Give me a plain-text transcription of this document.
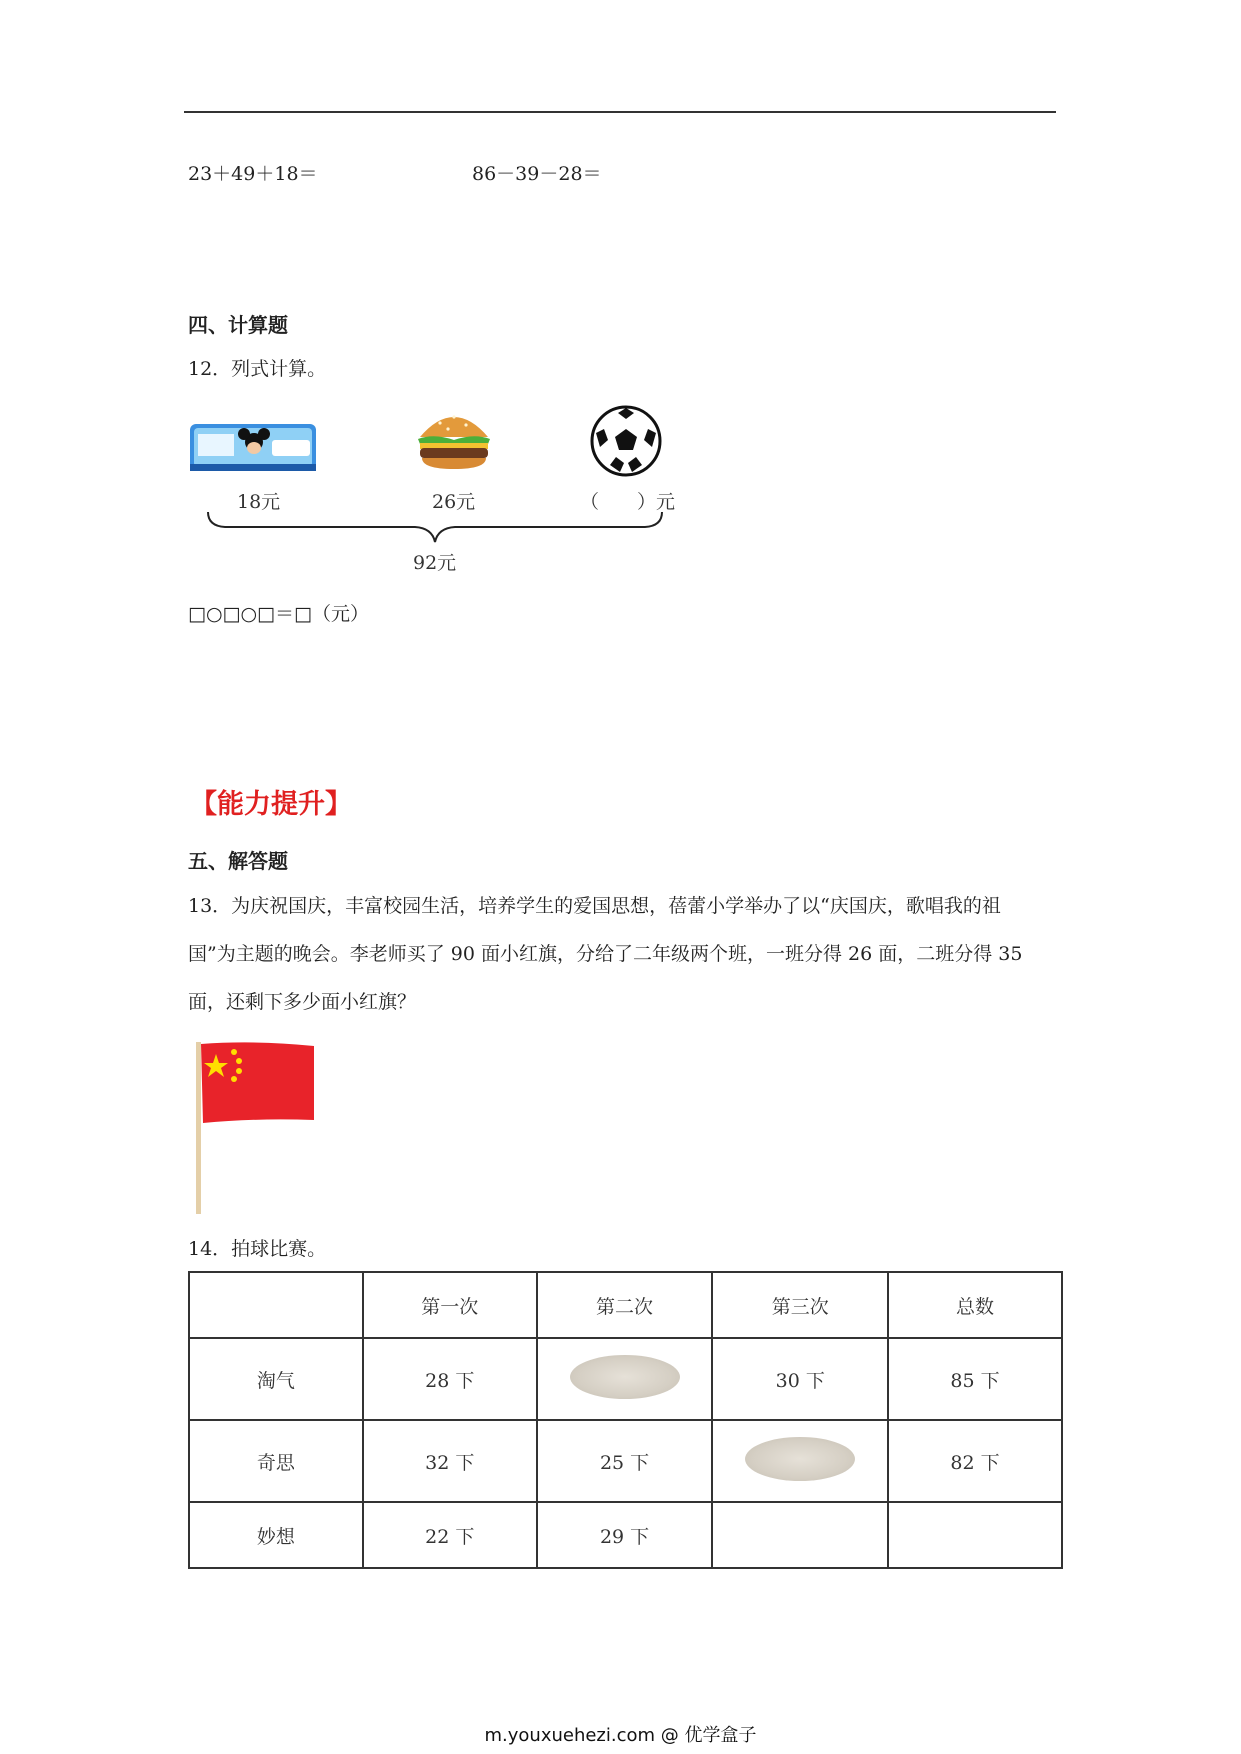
23＋49＋18＝	86－39－28＝
四、计算题
12．列式计算。
18元	26元	（　　）元
92元
□○□○□＝□（元）
【能力提升】
五、解答题
13．为庆祝国庆，丰富校园生活，培养学生的爱国思想，蓓蕾小学举办了以“庆国庆，歌唱我的祖国”为主题的晚会。李老师买了 90 面小红旗，分给了二年级两个班，一班分得 26 面，二班分得 35 面，还剩下多少面小红旗？
14．拍球比赛。
	第一次	第二次	第三次	总数
淘气	28 下		30 下	85 下
奇思	32 下	25 下		82 下
妙想	22 下	29 下		
m.youxuehezi.com @ 优学盒子
